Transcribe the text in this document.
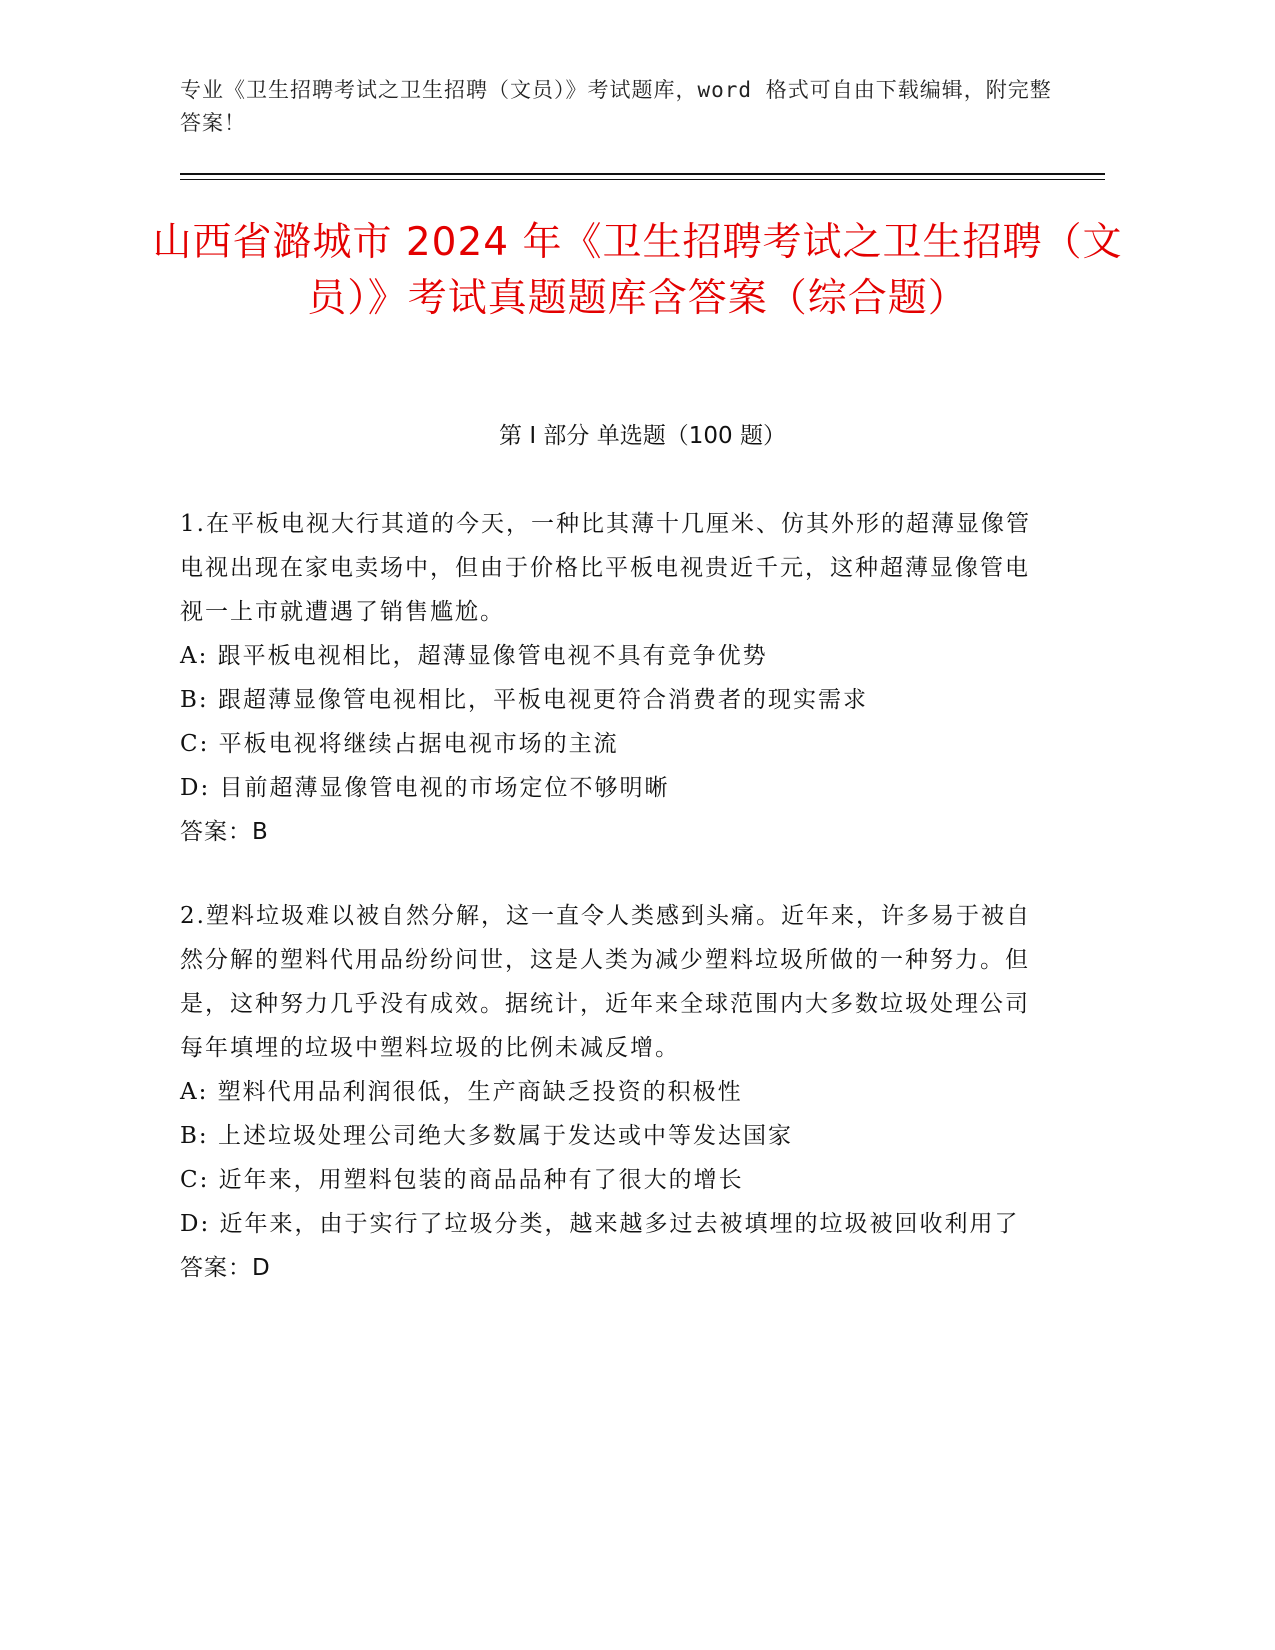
专业《卫生招聘考试之卫生招聘（文员）》考试题库，word 格式可自由下载编辑，附完整答案！
山西省潞城市 2024 年《卫生招聘考试之卫生招聘（文员）》考试真题题库含答案（综合题）
第 I 部分 单选题（100 题）

1.在平板电视大行其道的今天，一种比其薄十几厘米、仿其外形的超薄显像管电视出现在家电卖场中，但由于价格比平板电视贵近千元，这种超薄显像管电视一上市就遭遇了销售尴尬。

A: 跟平板电视相比，超薄显像管电视不具有竞争优势

B: 跟超薄显像管电视相比，平板电视更符合消费者的现实需求

C: 平板电视将继续占据电视市场的主流

D: 目前超薄显像管电视的市场定位不够明晰

答案：B

2.塑料垃圾难以被自然分解，这一直令人类感到头痛。近年来，许多易于被自然分解的塑料代用品纷纷问世，这是人类为减少塑料垃圾所做的一种努力。但是，这种努力几乎没有成效。据统计，近年来全球范围内大多数垃圾处理公司每年填埋的垃圾中塑料垃圾的比例未减反增。

A: 塑料代用品利润很低，生产商缺乏投资的积极性

B: 上述垃圾处理公司绝大多数属于发达或中等发达国家

C: 近年来，用塑料包装的商品品种有了很大的增长

D: 近年来，由于实行了垃圾分类，越来越多过去被填埋的垃圾被回收利用了

答案：D
